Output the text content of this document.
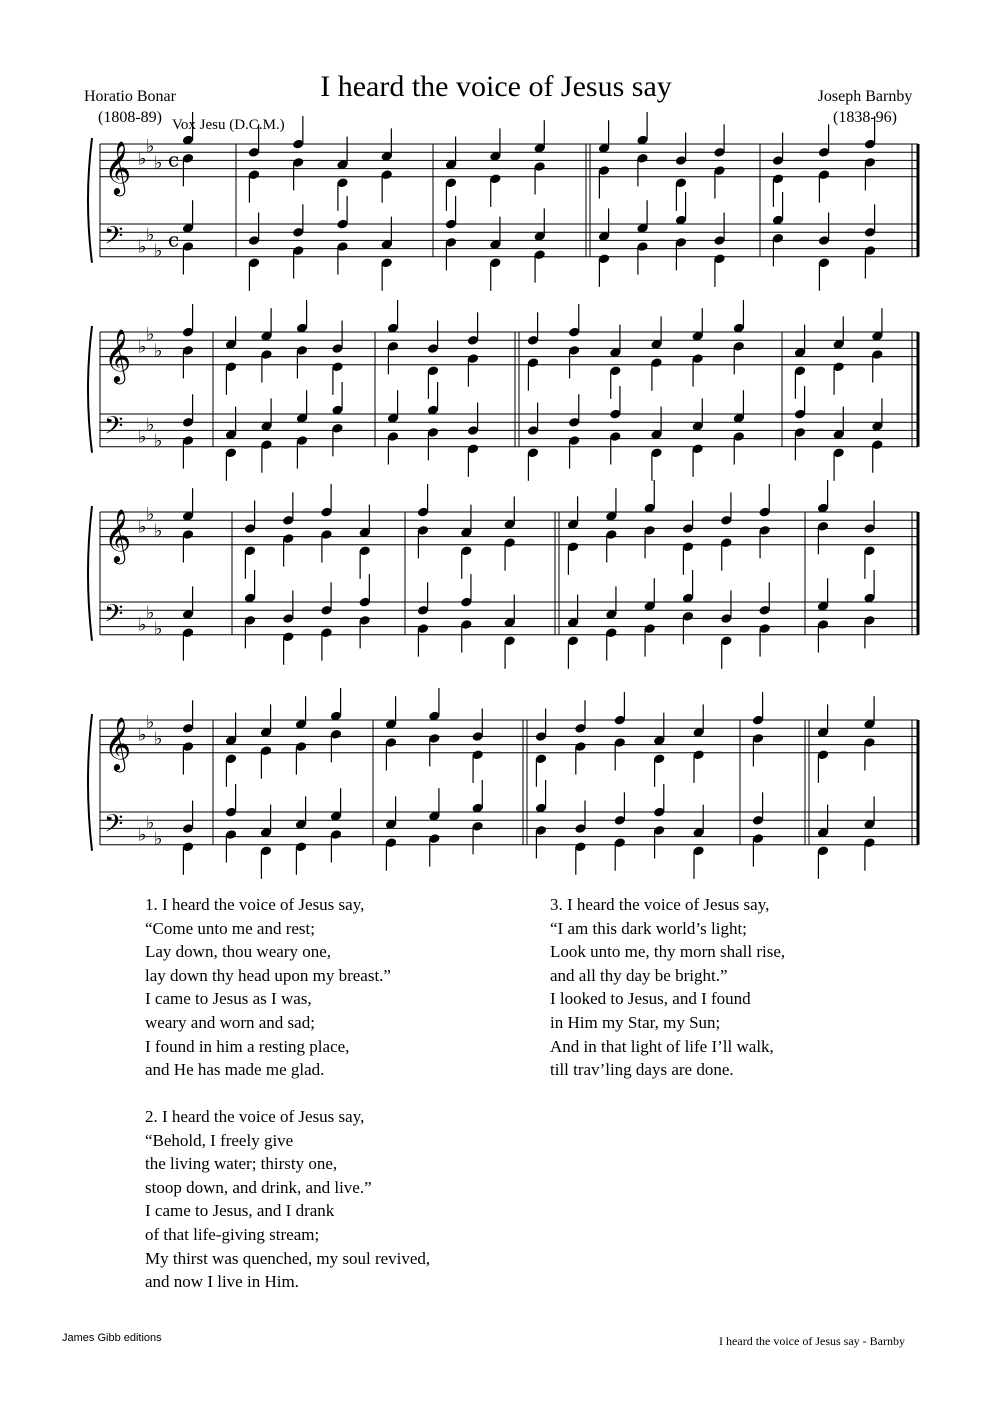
I heard the voice of Jesus say
Horatio Bonar
(1808-89)
Joseph Barnby
(1838-96)
Vox Jesu (D.C.M.)
𝄞 ♭
♭
♭ c
𝄢 ♭
♭
♭ c
𝄞 ♭
♭
♭
𝄢 ♭
♭
♭
𝄞 ♭
♭
♭
𝄢 ♭
♭
♭
𝄞 ♭
♭
♭
𝄢 ♭
♭
♭
1. I heard the voice of Jesus say,
“Come unto me and rest;
Lay down, thou weary one,
lay down thy head upon my breast.”
I came to Jesus as I was,
weary and worn and sad;
I found in him a resting place,
and He has made me glad.
2. I heard the voice of Jesus say,
“Behold, I freely give
the living water; thirsty one,
stoop down, and drink, and live.”
I came to Jesus, and I drank
of that life-giving stream;
My thirst was quenched, my soul revived,
and now I live in Him.
3. I heard the voice of Jesus say,
“I am this dark world’s light;
Look unto me, thy morn shall rise,
and all thy day be bright.”
I looked to Jesus, and I found
in Him my Star, my Sun;
And in that light of life I’ll walk,
till trav’ling days are done.
James Gibb editions	I heard the voice of Jesus say - Barnby
